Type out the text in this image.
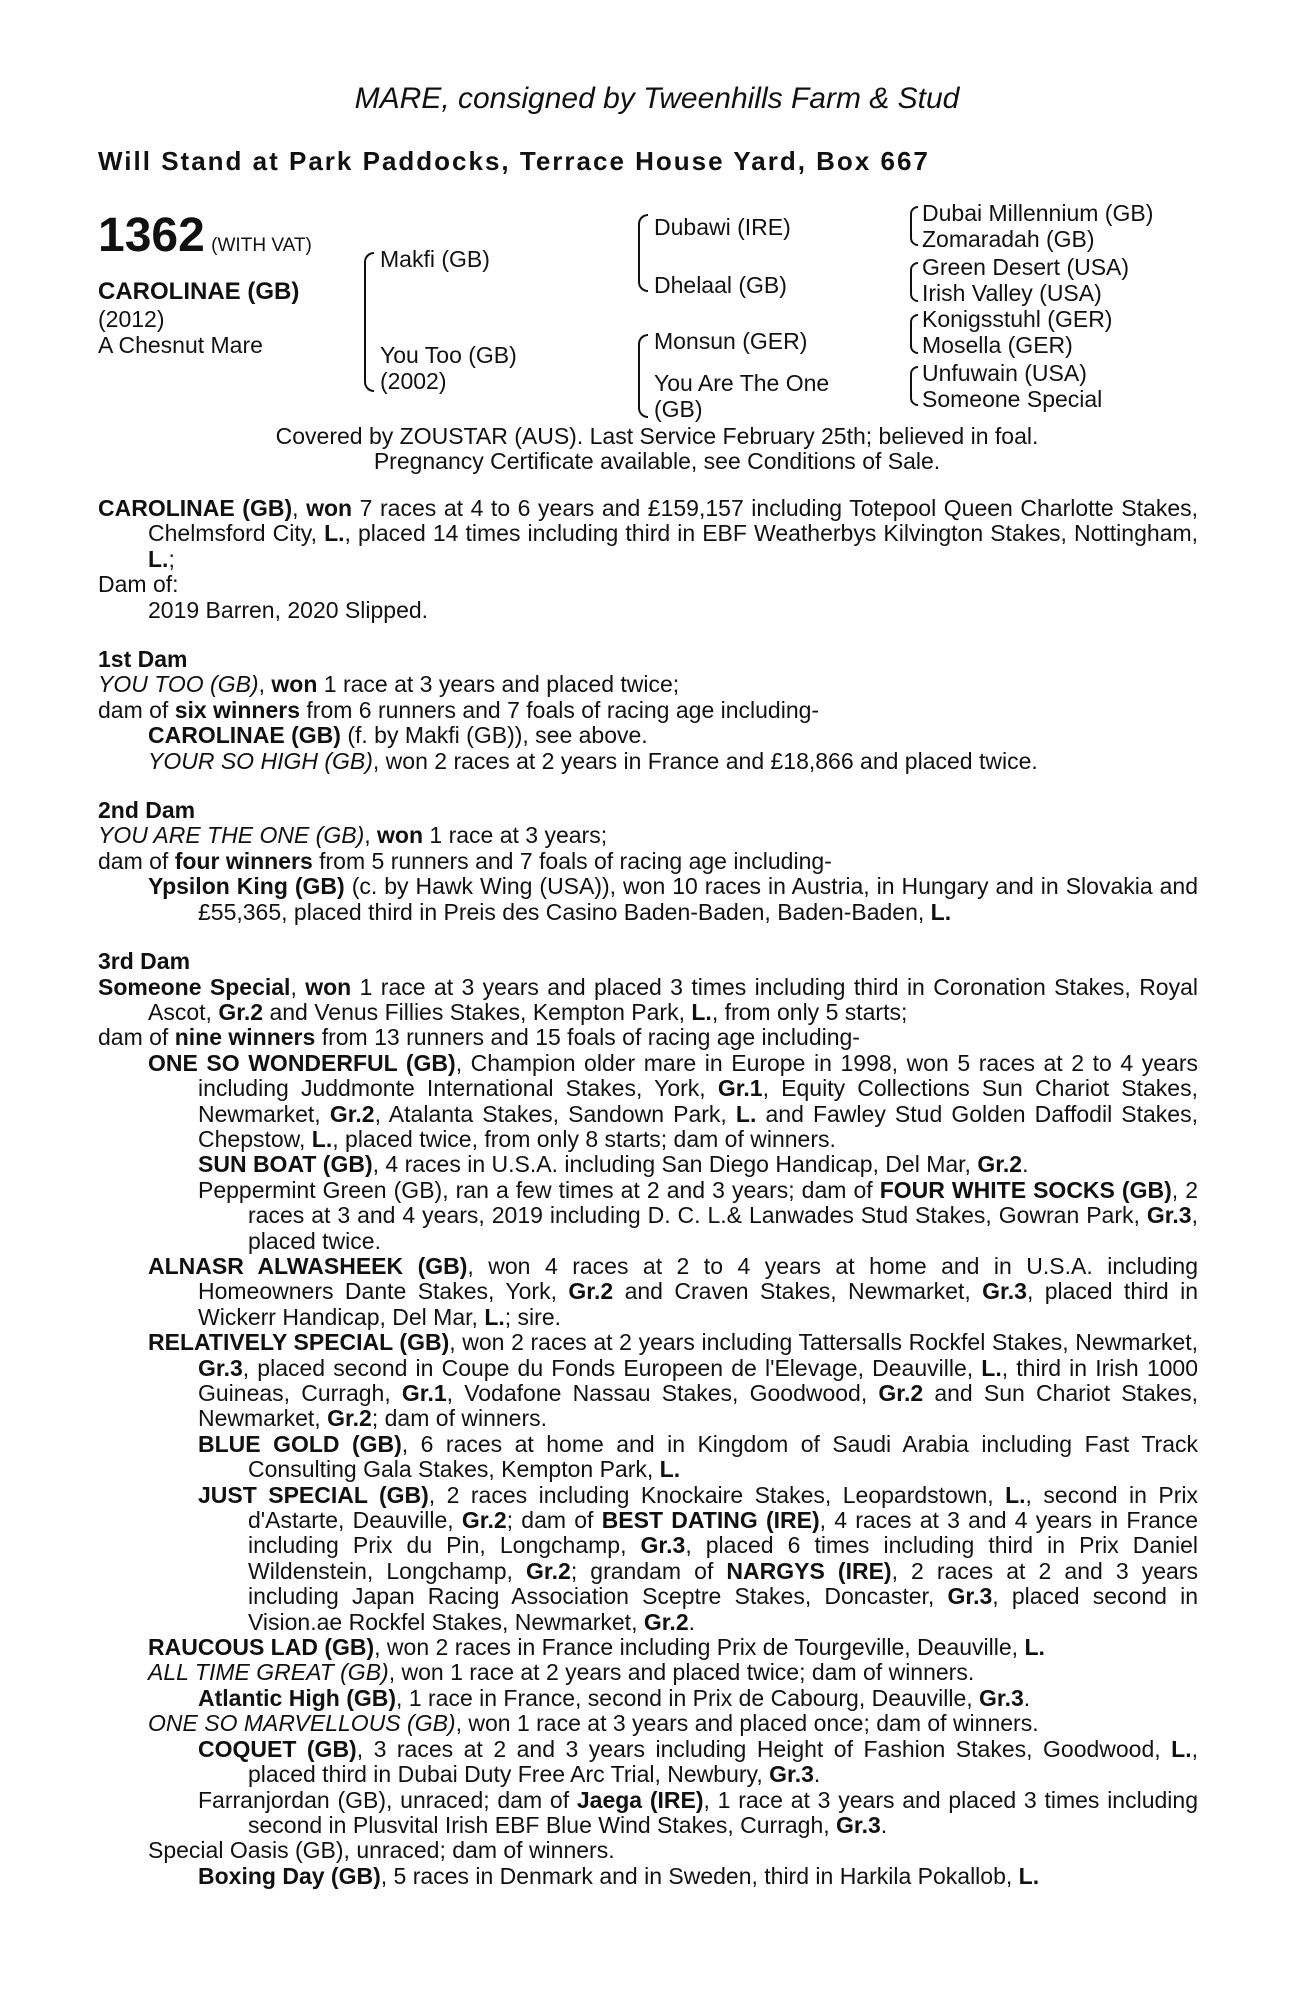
MARE, consigned by Tweenhills Farm & Stud
Will Stand at Park Paddocks, Terrace House Yard, Box 667
1362 (WITH VAT)
CAROLINAE (GB)
(2012)
A Chesnut Mare
Makfi (GB)
You Too (GB)
(2002)
Dubawi (IRE)
Dhelaal (GB)
Monsun (GER)
You Are The One
(GB)
Dubai Millennium (GB)
Zomaradah (GB)
Green Desert (USA)
Irish Valley (USA)
Konigsstuhl (GER)
Mosella (GER)
Unfuwain (USA)
Someone Special
Covered by ZOUSTAR (AUS). Last Service February 25th; believed in foal.
Pregnancy Certificate available, see Conditions of Sale.

CAROLINAE (GB), won 7 races at 4 to 6 years and £159,157 including Totepool Queen Charlotte Stakes, Chelmsford City, L., placed 14 times including third in EBF Weatherbys Kilvington Stakes, Nottingham, L.;

Dam of:

2019 Barren, 2020 Slipped.

1st Dam

YOU TOO (GB), won 1 race at 3 years and placed twice;

dam of six winners from 6 runners and 7 foals of racing age including-

CAROLINAE (GB) (f. by Makfi (GB)), see above.

YOUR SO HIGH (GB), won 2 races at 2 years in France and £18,866 and placed twice.

2nd Dam

YOU ARE THE ONE (GB), won 1 race at 3 years;

dam of four winners from 5 runners and 7 foals of racing age including-

Ypsilon King (GB) (c. by Hawk Wing (USA)), won 10 races in Austria, in Hungary and in Slovakia and £55,365, placed third in Preis des Casino Baden-Baden, Baden-Baden, L.

3rd Dam

Someone Special, won 1 race at 3 years and placed 3 times including third in Coronation Stakes, Royal Ascot, Gr.2 and Venus Fillies Stakes, Kempton Park, L., from only 5 starts;

dam of nine winners from 13 runners and 15 foals of racing age including-

ONE SO WONDERFUL (GB), Champion older mare in Europe in 1998, won 5 races at 2 to 4 years including Juddmonte International Stakes, York, Gr.1, Equity Collections Sun Chariot Stakes, Newmarket, Gr.2, Atalanta Stakes, Sandown Park, L. and Fawley Stud Golden Daffodil Stakes, Chepstow, L., placed twice, from only 8 starts; dam of winners.

SUN BOAT (GB), 4 races in U.S.A. including San Diego Handicap, Del Mar, Gr.2.

Peppermint Green (GB), ran a few times at 2 and 3 years; dam of FOUR WHITE SOCKS (GB), 2 races at 3 and 4 years, 2019 including D. C. L.& Lanwades Stud Stakes, Gowran Park, Gr.3, placed twice.

ALNASR ALWASHEEK (GB), won 4 races at 2 to 4 years at home and in U.S.A. including Homeowners Dante Stakes, York, Gr.2 and Craven Stakes, Newmarket, Gr.3, placed third in Wickerr Handicap, Del Mar, L.; sire.

RELATIVELY SPECIAL (GB), won 2 races at 2 years including Tattersalls Rockfel Stakes, Newmarket, Gr.3, placed second in Coupe du Fonds Europeen de l'Elevage, Deauville, L., third in Irish 1000 Guineas, Curragh, Gr.1, Vodafone Nassau Stakes, Goodwood, Gr.2 and Sun Chariot Stakes, Newmarket, Gr.2; dam of winners.

BLUE GOLD (GB), 6 races at home and in Kingdom of Saudi Arabia including Fast Track Consulting Gala Stakes, Kempton Park, L.

JUST SPECIAL (GB), 2 races including Knockaire Stakes, Leopardstown, L., second in Prix d'Astarte, Deauville, Gr.2; dam of BEST DATING (IRE), 4 races at 3 and 4 years in France including Prix du Pin, Longchamp, Gr.3, placed 6 times including third in Prix Daniel Wildenstein, Longchamp, Gr.2; grandam of NARGYS (IRE), 2 races at 2 and 3 years including Japan Racing Association Sceptre Stakes, Doncaster, Gr.3, placed second in Vision.ae Rockfel Stakes, Newmarket, Gr.2.

RAUCOUS LAD (GB), won 2 races in France including Prix de Tourgeville, Deauville, L.

ALL TIME GREAT (GB), won 1 race at 2 years and placed twice; dam of winners.

Atlantic High (GB), 1 race in France, second in Prix de Cabourg, Deauville, Gr.3.

ONE SO MARVELLOUS (GB), won 1 race at 3 years and placed once; dam of winners.

COQUET (GB), 3 races at 2 and 3 years including Height of Fashion Stakes, Goodwood, L., placed third in Dubai Duty Free Arc Trial, Newbury, Gr.3.

Farranjordan (GB), unraced; dam of Jaega (IRE), 1 race at 3 years and placed 3 times including second in Plusvital Irish EBF Blue Wind Stakes, Curragh, Gr.3.

Special Oasis (GB), unraced; dam of winners.

Boxing Day (GB), 5 races in Denmark and in Sweden, third in Harkila Pokallob, L.
